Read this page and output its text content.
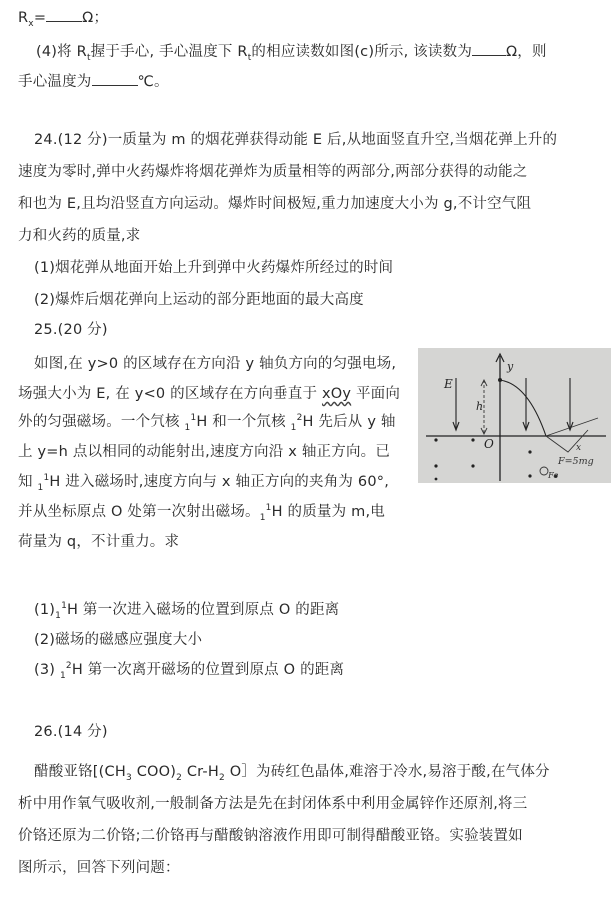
$R_x= \Omega$；
(4)将 $R_t$握于手心, 手心温度下 $R_t$的相应读数如图(c)所示, 该读数为 Ω，则
手心温度为	℃。
24.(12 分)一质量为 m 的烟花弹获得动能 E 后,从地面竖直升空,当烟花弹上升的
速度为零时,弹中火药爆炸将烟花弹炸为质量相等的两部分,两部分获得的动能之
和也为 E,且均沿竖直方向运动。爆炸时间极短,重力加速度大小为 g,不计空气阻
力和火药的质量,求
(1)烟花弹从地面开始上升到弹中火药爆炸所经过的时间
(2)爆炸后烟花弹向上运动的部分距地面的最大高度
25.(20 分)
如图,在 y>0 的区域存在方向沿 y 轴负方向的匀强电场,
场强大小为 E, 在 y<0 的区域存在方向垂直于 xOy 平面向
外的匀强磁场。一个氕核 $_1^1$H 和一个氘核 $_1^2$H 先后从 y 轴
上 y=h 点以相同的动能射出,速度方向沿 x 轴正方向。已
知 $_1^1$H 进入磁场时,速度方向与 x 轴正方向的夹角为 60°,
并从坐标原点 O 处第一次射出磁场。$_1^1$H 的质量为 m,电
荷量为 q，不计重力。求
$(1)_1^1H$ 第一次进入磁场的位置到原点 O 的距离
(2)磁场的磁感应强度大小
(3) $_1^2$H 第一次离开磁场的位置到原点 O 的距离
y
E
h
O
F=5mg
Fe
x
26.(14 分)
醋酸亚铬[($CH_3$ $COO)_2$ $Cr-H_2$ O］为砖红色晶体,难溶于冷水,易溶于酸,在气体分
析中用作氧气吸收剂,一般制备方法是先在封闭体系中利用金属锌作还原剂,将三
价铬还原为二价铬;二价铬再与醋酸钠溶液作用即可制得醋酸亚铬。实验装置如
图所示，回答下列问题：
